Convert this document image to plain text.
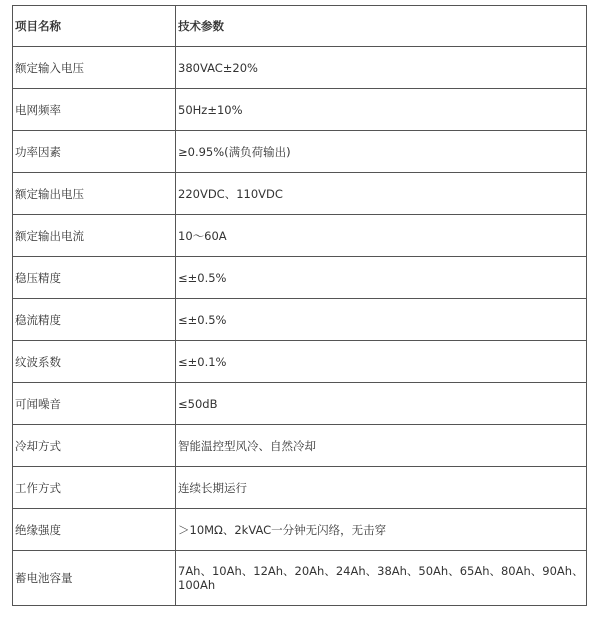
项目名称	技术参数
额定输入电压	380VAC±20%
电网频率	50Hz±10%
功率因素	≥0.95%(满负荷输出)
额定输出电压	220VDC、110VDC
额定输出电流	10～60A
稳压精度	≤±0.5%
稳流精度	≤±0.5%
纹波系数	≤±0.1%
可闻噪音	≤50dB
冷却方式	智能温控型风冷、自然冷却
工作方式	连续长期运行
绝缘强度	＞10MΩ、2kVAC一分钟无闪络，无击穿
蓄电池容量	7Ah、10Ah、12Ah、20Ah、24Ah、38Ah、50Ah、65Ah、80Ah、90Ah、100Ah
